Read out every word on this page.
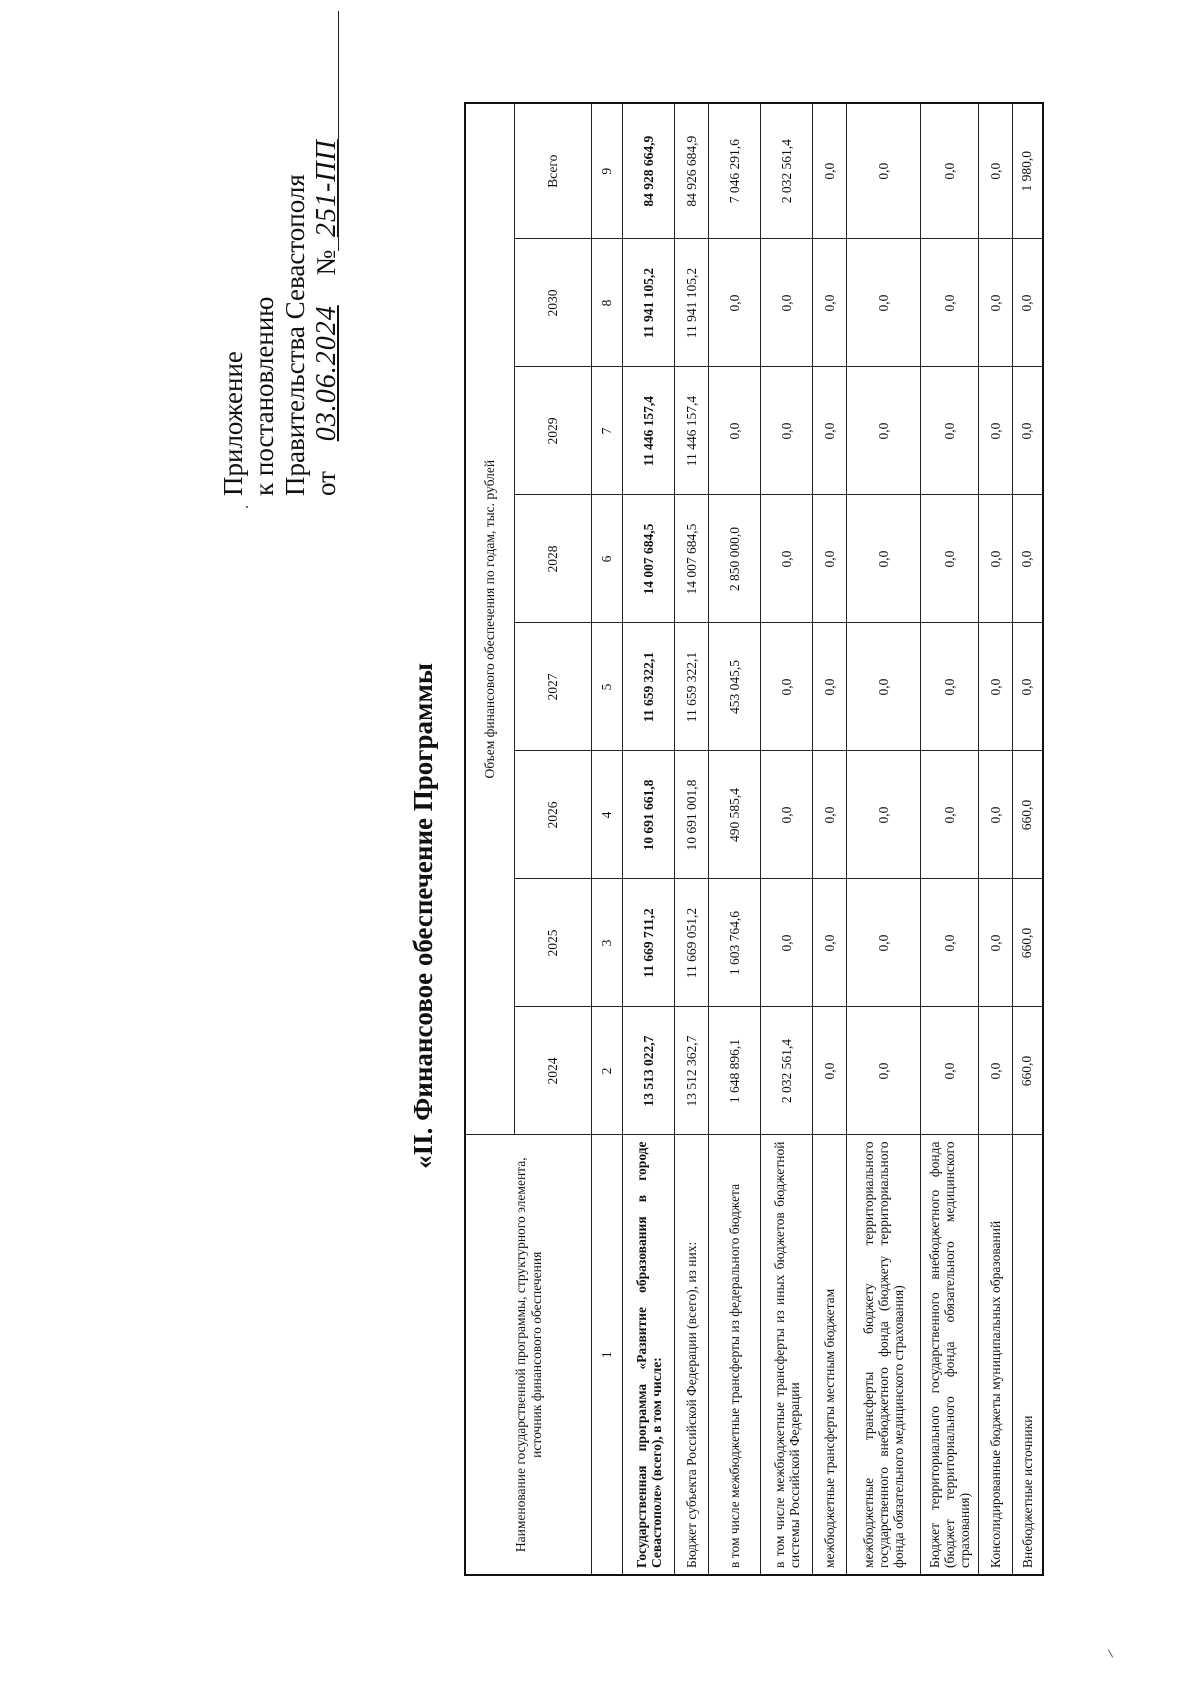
Приложение к постановлению Правительства Севастополя от 03.06.2024 № 251-ПП
«II. Финансовое обеспечение Программы
Наименование государственной программы, структурного элемента, источник финансового обеспечения	Объем финансового обеспечения по годам, тыс. рублей							
	2024	2025	2026	2027	2028	2029	2030	Всего
1	2	3	4	5	6	7	8	9
Государственная программа «Развитие образования в городе Севастополе» (всего), в том числе:	13 513 022,7	11 669 711,2	10 691 661,8	11 659 322,1	14 007 684,5	11 446 157,4	11 941 105,2	84 928 664,9
Бюджет субъекта Российской Федерации (всего), из них:	13 512 362,7	11 669 051,2	10 691 001,8	11 659 322,1	14 007 684,5	11 446 157,4	11 941 105,2	84 926 684,9
в том числе межбюджетные трансферты из федерального бюджета	1 648 896,1	1 603 764,6	490 585,4	453 045,5	2 850 000,0	0,0	0,0	7 046 291,6
в том числе межбюджетные трансферты из иных бюджетов бюджетной системы Российской Федерации	2 032 561,4	0,0	0,0	0,0	0,0	0,0	0,0	2 032 561,4
межбюджетные трансферты местным бюджетам	0,0	0,0	0,0	0,0	0,0	0,0	0,0	0,0
межбюджетные трансферты бюджету территориального государственного внебюджетного фонда (бюджету территориального фонда обязательного медицинского страхования)	0,0	0,0	0,0	0,0	0,0	0,0	0,0	0,0
Бюджет территориального государственного внебюджетного фонда (бюджет территориального фонда обязательного медицинского страхования)	0,0	0,0	0,0	0,0	0,0	0,0	0,0	0,0
Консолидированные бюджеты муниципальных образований	0,0	0,0	0,0	0,0	0,0	0,0	0,0	0,0
Внебюджетные источники	660,0	660,0	660,0	0,0	0,0	0,0	0,0	1 980,0
